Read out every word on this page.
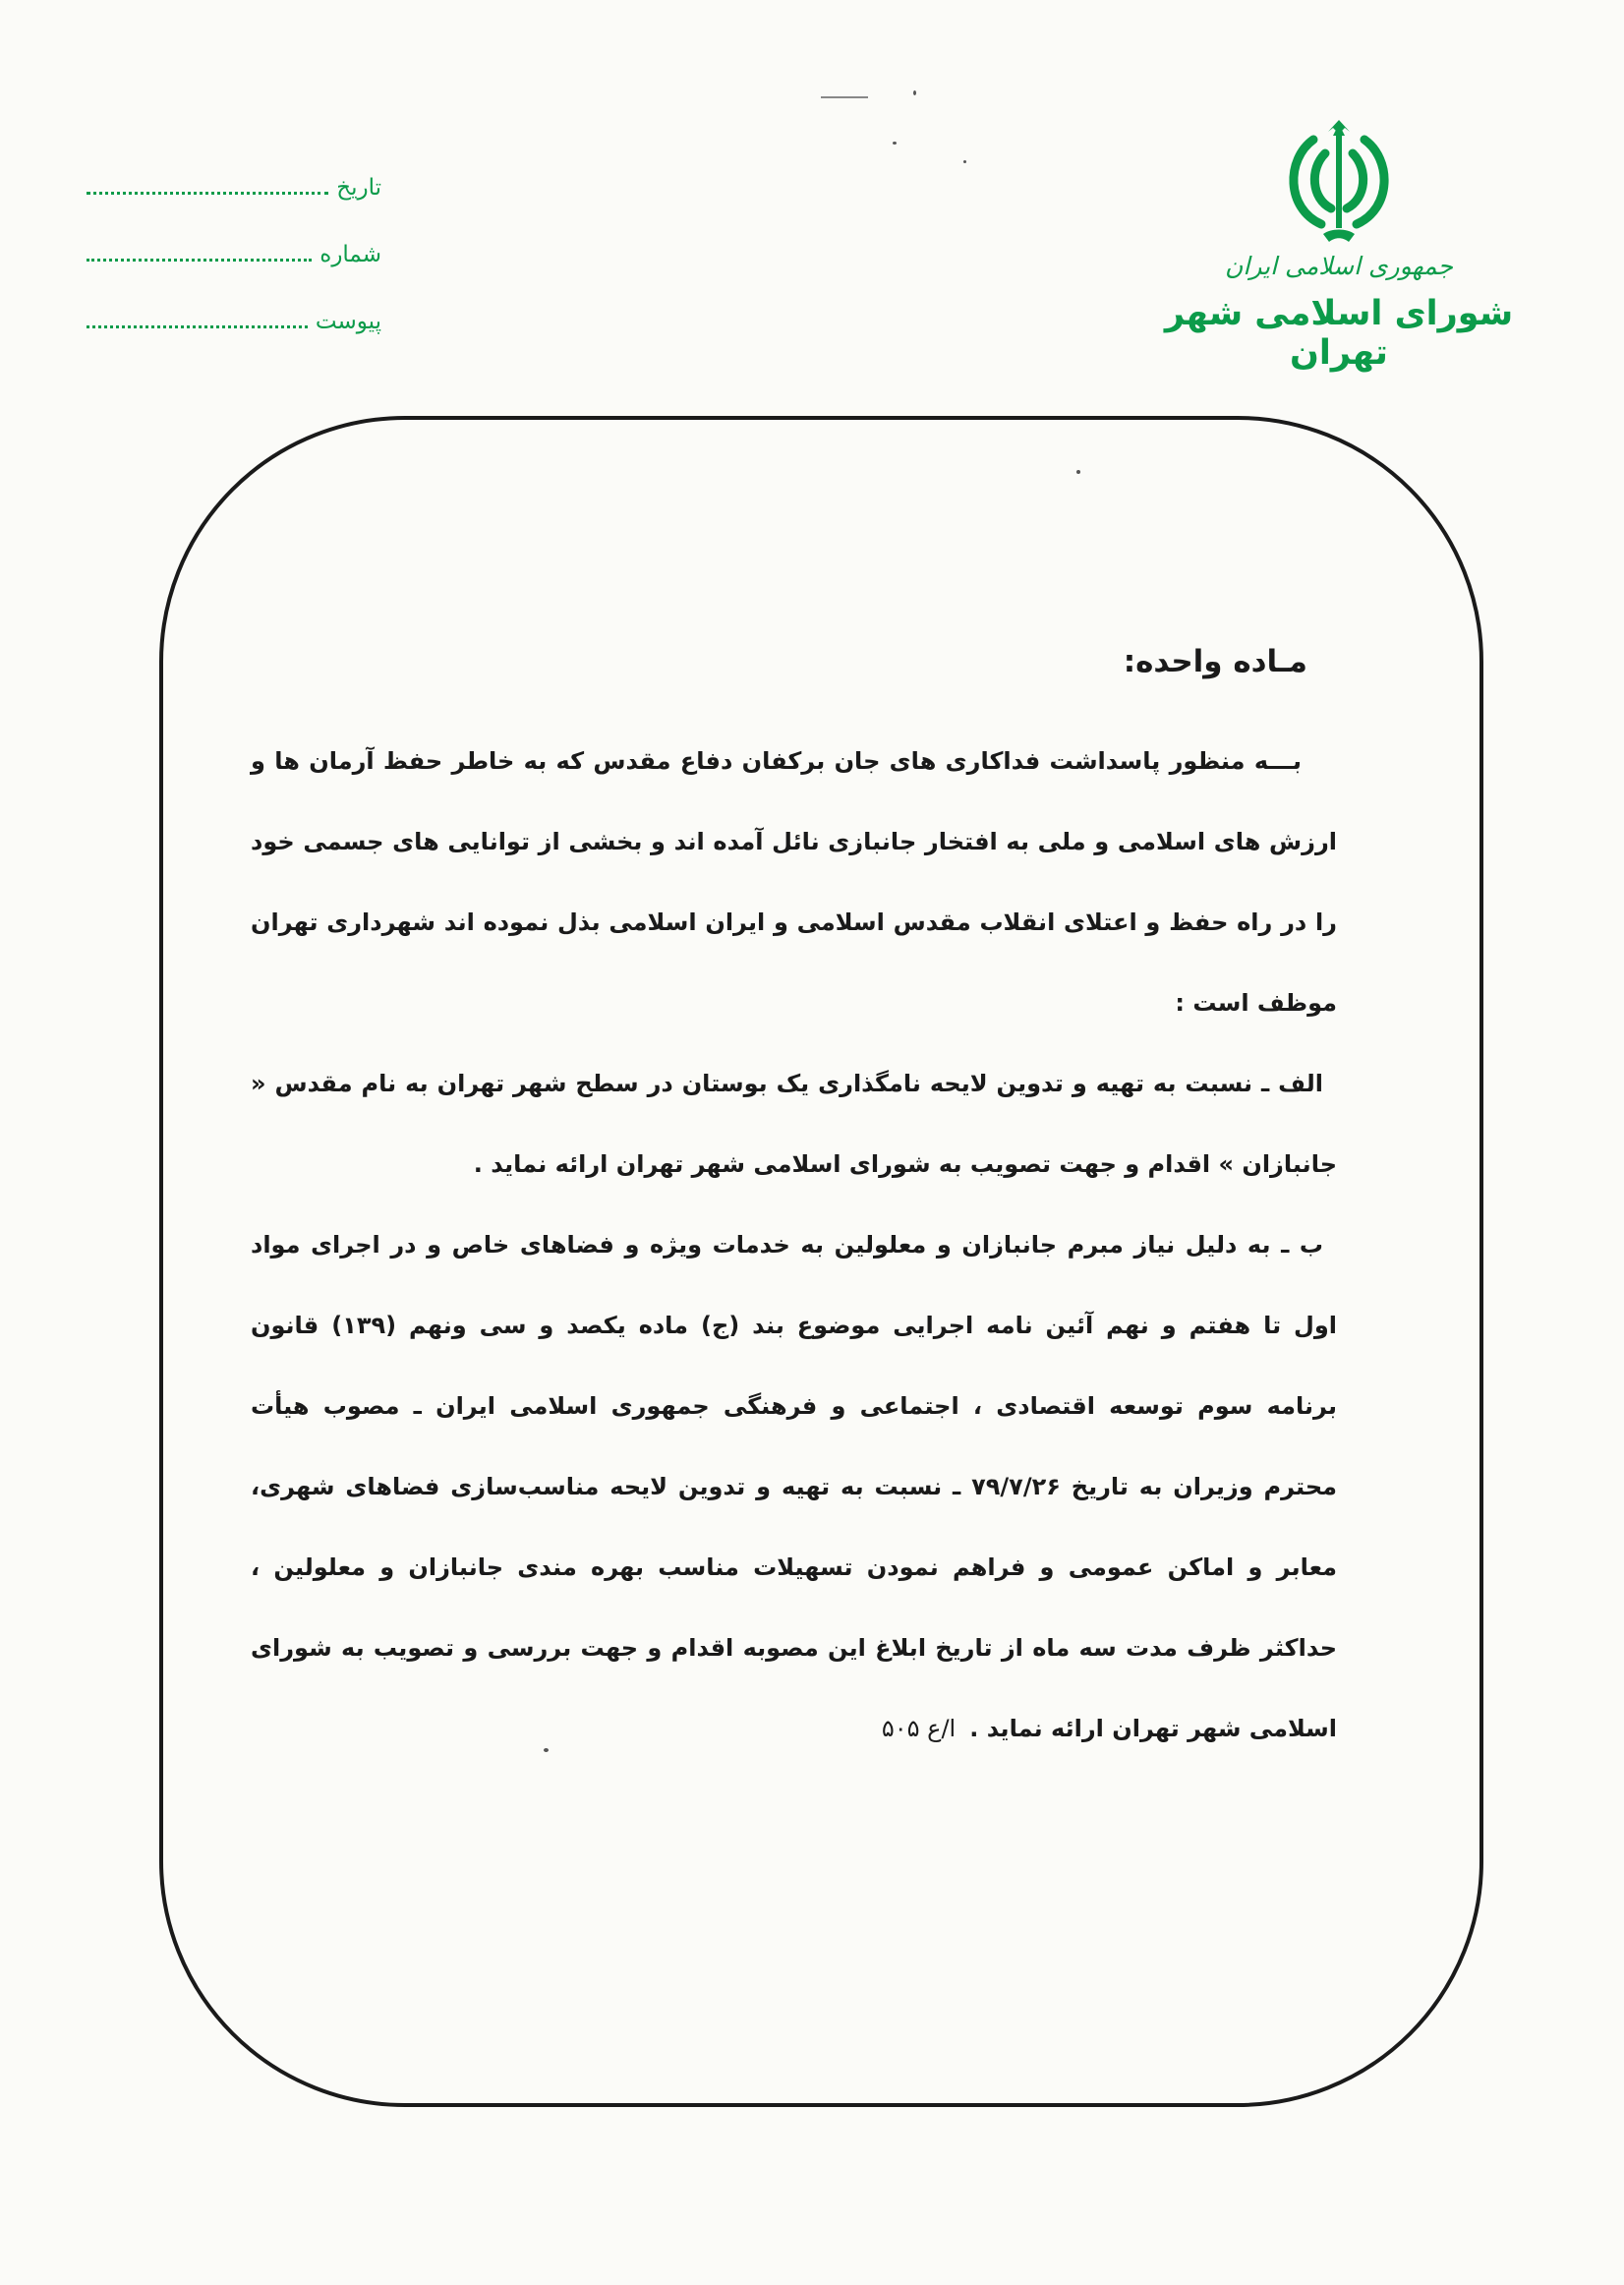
جمهوری اسلامی ایران
شورای اسلامی شهر تهران
تاریخ
شماره
پیوست
مـاده واحده:

بـــه منظور پاسداشت فداکاری های جان برکفان دفاع مقدس که به خاطر حفظ آرمان ها و ارزش های اسلامی و ملی به افتخار جانبازی نائل آمده اند و بخشی از توانایی های جسمی خود را در راه حفظ و اعتلای انقلاب مقدس اسلامی و ایران اسلامی بذل نموده اند شهرداری تهران موظف است :

الف ـ نسبت به تهیه و تدوین لایحه نامگذاری یک بوستان در سطح شهر تهران به نام مقدس « جانبازان » اقدام و جهت تصویب به شورای اسلامی شهر تهران ارائه نماید .

ب ـ به دلیل نیاز مبرم جانبازان و معلولین به خدمات ویژه و فضاهای خاص و در اجرای مواد اول تا هفتم و نهم آئین نامه اجرایی موضوع بند (ج) ماده یکصد و سی ونهم (۱۳۹) قانون برنامه سوم توسعه اقتصادی ، اجتماعی و فرهنگی جمهوری اسلامی ایران ـ مصوب هیأت محترم وزیران به تاریخ ۷۹/۷/۲۶ ـ نسبت به تهیه و تدوین لایحه مناسب‌سازی فضاهای شهری، معابر و اماکن عمومی و فراهم نمودن تسهیلات مناسب بهره مندی جانبازان و معلولین ، حداکثر ظرف مدت سه ماه از تاریخ ابلاغ این مصوبه اقدام و جهت بررسی و تصویب به شورای اسلامی شهر تهران ارائه نماید .ا/ع ۵۰۵
